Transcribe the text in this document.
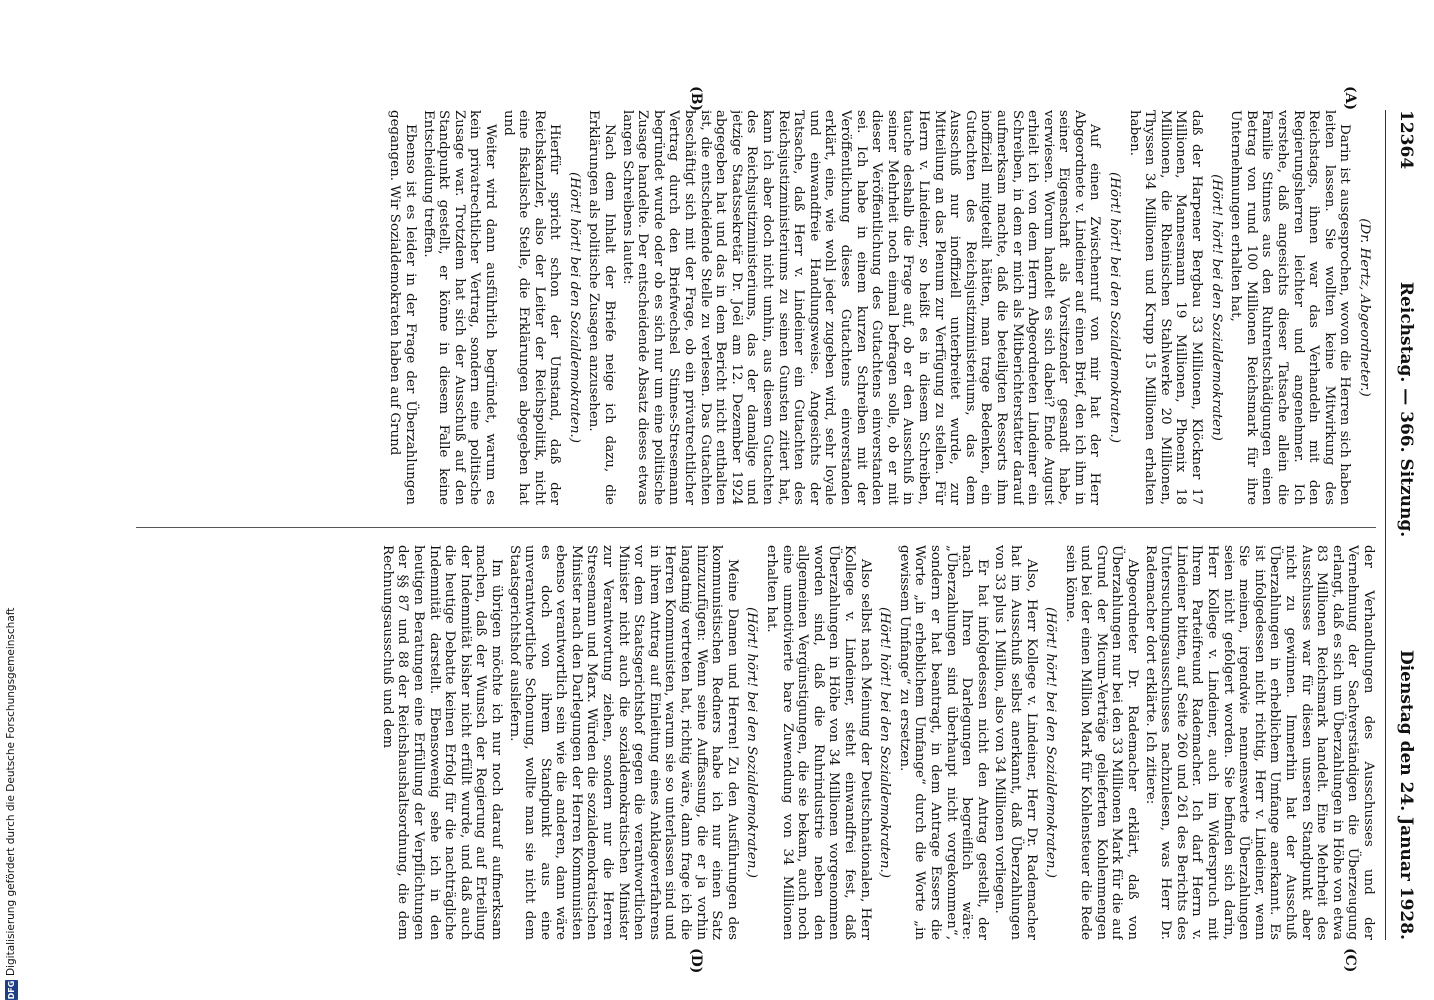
12364
Reichstag. — 366. Sitzung.
Dienstag den 24. Januar 1928.
(A)
(B)
(C)
(D)

(Dr. Hertz, Abgeordneter.)

Darin ist ausgesprochen, wovon die Herren sich haben leiten lassen. Sie wollten keine Mitwirkung des Reichstags, ihnen war das Verhandeln mit den Regierungsherren leichter und angenehmer. Ich verstehe, daß angesichts dieser Tatsache allein die Familie Stinnes aus den Ruhrentschädigungen einen Betrag von rund 100 Millionen Reichsmark für ihre Unternehmungen erhalten hat,

(Hört! hört! bei den Sozialdemokraten)

daß der Harpener Bergbau 33 Millionen, Klöckner 17 Millionen, Mannesmann 19 Millionen, Phoenix 18 Millionen, die Rheinischen Stahlwerke 20 Millionen, Thyssen 34 Millionen und Krupp 15 Millionen erhalten haben.

(Hört! hört! bei den Sozialdemokraten.)

Auf einen Zwischenruf von mir hat der Herr Abgeordnete v. Lindeiner auf einen Brief, den ich ihm in seiner Eigenschaft als Vorsitzender gesandt habe, verwiesen. Worum handelt es sich dabei? Ende August erhielt ich von dem Herrn Abgeordneten Lindeiner ein Schreiben, in dem er mich als Mitberichterstatter darauf aufmerksam machte, daß die beteiligten Ressorts ihm inoffiziell mitgeteilt hätten, man trage Bedenken, ein Gutachten des Reichsjustizministeriums, das dem Ausschuß nur inoffiziell unterbreitet wurde, zur Mitteilung an das Plenum zur Verfügung zu stellen. Für Herrn v. Lindeiner, so heißt es in diesem Schreiben, tauche deshalb die Frage auf, ob er den Ausschuß in seiner Mehrheit noch einmal befragen solle, ob er mit dieser Veröffentlichung des Gutachtens einverstanden sei. Ich habe in einem kurzen Schreiben mit der Veröffentlichung dieses Gutachtens einverstanden erklärt, eine, wie wohl jeder zugeben wird, sehr loyale und einwandfreie Handlungsweise. Angesichts der Tatsache, daß Herr v. Lindeiner ein Gutachten des Reichsjustizministeriums zu seinen Gunsten zitiert hat, kann ich aber doch nicht umhin, aus diesem Gutachten des Reichsjustizministeriums, das der damalige und jetzige Staatssekretär Dr. Joël am 12. Dezember 1924 abgegeben hat und das in dem Bericht nicht enthalten ist, die entscheidende Stelle zu verlesen. Das Gutachten beschäftigt sich mit der Frage, ob ein privatrechtlicher Vertrag durch den Briefwechsel Stinnes-Stresemann begründet wurde oder ob es sich nur um eine politische Zusage handelte. Der entscheidende Absatz dieses etwas langen Schreibens lautet:

Nach dem Inhalt der Briefe neige ich dazu, die Erklärungen als politische Zusagen anzusehen.

(Hört! hört! bei den Sozialdemokraten.)

Hierfür spricht schon der Umstand, daß der Reichskanzler, also der Leiter der Reichspolitik, nicht eine fiskalische Stelle, die Erklärungen abgegeben hat und

Weiter wird dann ausführlich begründet, warum es kein privatrechtlicher Vertrag, sondern eine politische Zusage war. Trotzdem hat sich der Ausschuß auf den Standpunkt gestellt, er könne in diesem Falle keine Entscheidung treffen.

Ebenso ist es leider in der Frage der Überzahlungen gegangen. Wir Sozialdemokraten haben auf Grund

der Verhandlungen des Ausschusses und der Vernehmung der Sachverständigen die Überzeugung erlangt, daß es sich um Überzahlungen in Höhe von etwa 83 Millionen Reichsmark handelt. Eine Mehrheit des Ausschusses war für diesen unseren Standpunkt aber nicht zu gewinnen. Immerhin hat der Ausschuß Überzahlungen in erheblichem Umfange anerkannt. Es ist infolgedessen nicht richtig, Herr v. Lindeiner, wenn Sie meinen, irgendwie nennenswerte Überzahlungen seien nicht gefolgert worden. Sie befinden sich darin, Herr Kollege v. Lindeiner, auch im Widerspruch mit Ihrem Parteifreund Rademacher. Ich darf Herrn v. Lindeiner bitten, auf Seite 260 und 261 des Berichts des Untersuchungsausschusses nachzulesen, was Herr Dr. Rademacher dort erklärte. Ich zitiere:

Abgeordneter Dr. Rademacher erklärt, daß von Überzahlungen nur bei den 33 Millionen Mark für die auf Grund der Micum-Verträge gelieferten Kohlenmengen und bei der einen Million Mark für Kohlensteuer die Rede sein könne.

(Hört! hört! bei den Sozialdemokraten.)

Also, Herr Kollege v. Lindeiner, Herr Dr. Rademacher hat im Ausschuß selbst anerkannt, daß Überzahlungen von 33 plus 1 Million, also von 34 Millionen vorliegen.

Er hat infolgedessen nicht den Antrag gestellt, der nach Ihren Darlegungen begreiflich wäre: „Überzahlungen sind überhaupt nicht vorgekommen“, sondern er hat beantragt, in dem Antrage Essers die Worte „in erheblichem Umfange“ durch die Worte „in gewissem Umfange“ zu ersetzen.

(Hört! hört! bei den Sozialdemokraten.)

Also selbst nach Meinung der Deutschnationalen, Herr Kollege v. Lindeiner, steht einwandfrei fest, daß Überzahlungen in Höhe von 34 Millionen vorgenommen worden sind, daß die Ruhrindustrie neben den allgemeinen Vergünstigungen, die sie bekam, auch noch eine unmotivierte bare Zuwendung von 34 Millionen erhalten hat.

(Hört! hört! bei den Sozialdemokraten.)

Meine Damen und Herren! Zu den Ausführungen des kommunistischen Redners habe ich nur einen Satz hinzuzufügen: Wenn seine Auffassung, die er ja vorhin langatmig vertreten hat, richtig wäre, dann frage ich die Herren Kommunisten, warum sie so unterlassen sind und in ihrem Antrag auf Einleitung eines Anklageverfahrens vor dem Staatsgerichtshof gegen die verantwortlichen Minister nicht auch die sozialdemokratischen Minister zur Verantwortung ziehen, sondern nur die Herren Stresemann und Marx. Würden die sozialdemokratischen Minister nach den Darlegungen der Herren Kommunisten ebenso verantwortlich sein wie die anderen, dann wäre es doch von ihrem Standpunkt aus eine unverantwortliche Schonung, wollte man sie nicht dem Staatsgerichtshof ausliefern.

Im übrigen möchte ich nur noch darauf aufmerksam machen, daß der Wunsch der Regierung auf Erteilung der Indemnität bisher nicht erfüllt wurde, und daß auch die heutige Debatte keinen Erfolg für die nachträgliche Indemnität darstellt. Ebensowenig sehe ich in den heutigen Beratungen eine Erfüllung der Verpflichtungen der §§ 87 und 88 der Reichshaushaltsordnung, die dem Rechnungsausschuß und dem

DFG
Digitalisierung gefördert durch die Deutsche Forschungsgemeinschaft
